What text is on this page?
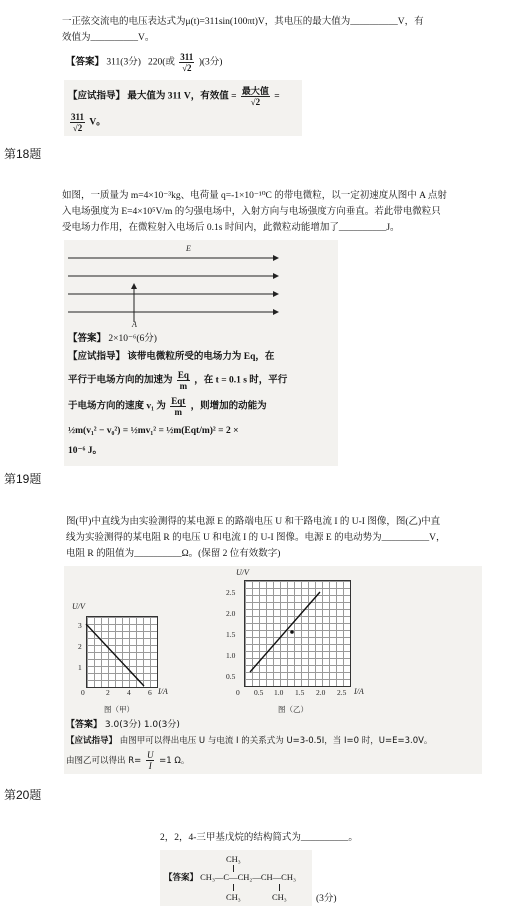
一正弦交流电的电压表达式为μ(t)=311sin(100πt)V，其电压的最大值为__________V，有
效值为__________V。
【答案】 311(3分) 220(或 $\frac{311}{√2} )(3$分)
【应试指导】 最大值为 311 V，有效值 = $\frac{\text{最大值}}{√2}$ =
$\frac{311}{√2}$ V。
第18题
如图，一质量为 m=4×10⁻³kg、电荷量 q=-1×10⁻¹⁰C 的带电微粒，以一定初速度从图中 A 点射
入电场强度为 E=4×10⁵V/m 的匀强电场中，入射方向与电场强度方向垂直。若此带电微粒只
受电场力作用，在微粒射入电场后 0.1s 时间内，此微粒动能增加了__________J。
E
A
【答案】 2×10⁻⁶(6分)
【应试指导】 该带电微粒所受的电场力为 Eq，在
平行于电场方向的加速为 $\frac{Eq}{m}$ ，在 t = 0.1 s 时，平行
于电场方向的速度 v₁ 为 $\frac{\text{Eqt}}{m}$ ，则增加的动能为
½m(v₁² − v₀²) = ½mv₁² = ½m(Eqt/m)² = 2 ×
10⁻⁶ J。
第19题
图(甲)中直线为由实验测得的某电源 E 的路端电压 U 和干路电流 I 的 U-I 图像，图(乙)中直
线为实验测得的某电阻 R 的电压 U 和电流 I 的 U-I 图像。电源 E 的电动势为__________V，
电阻 R 的阻值为__________Ω。(保留 2 位有效数字)
U/V
3
2
1
0	2 4 6 I/A
图（甲）
U/V
2.5
2.0
1.5
1.0
0.5
0 0.5 1.0 1.5 2.0 2.5 I/A
图（乙）
【答案】 3.0(3分) 1.0(3分)
【应试指导】 由图甲可以得出电压 U 与电流 I 的关系式为 U=3-0.5I，当 I=0 时，U=E=3.0V。
由图乙可以得出 $R= \frac{U}{I} =1$ Ω。
第20题
2，2，4-三甲基戊烷的结构简式为__________。
CH₃
【答案】 CH₃—C—CH₂—CH—CH₃
CH₃	CH₃	(3分)
